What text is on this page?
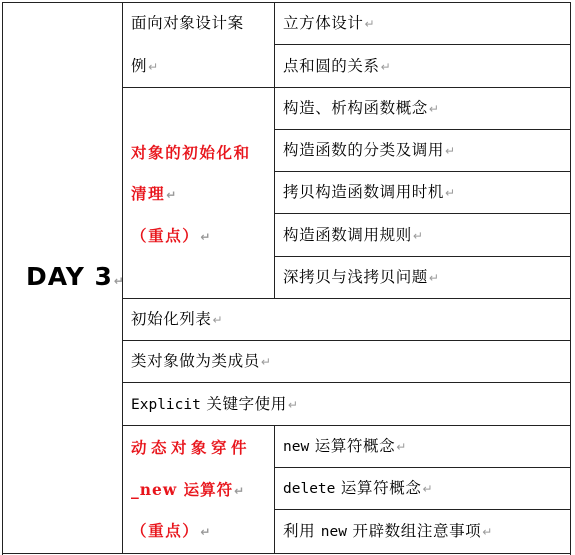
DAY 3↵
面向对象设计案
例↵
立方体设计↵
点和圆的关系↵
对象的初始化和
清理↵
（重点）↵
构造、析构函数概念↵
构造函数的分类及调用↵
拷贝构造函数调用时机↵
构造函数调用规则↵
深拷贝与浅拷贝问题↵
初始化列表↵
类对象做为类成员↵
Explicit 关键字使用↵
动态对象穿件
_new 运算符↵
（重点）↵
new 运算符概念↵
delete 运算符概念↵
利用 new 开辟数组注意事项↵
